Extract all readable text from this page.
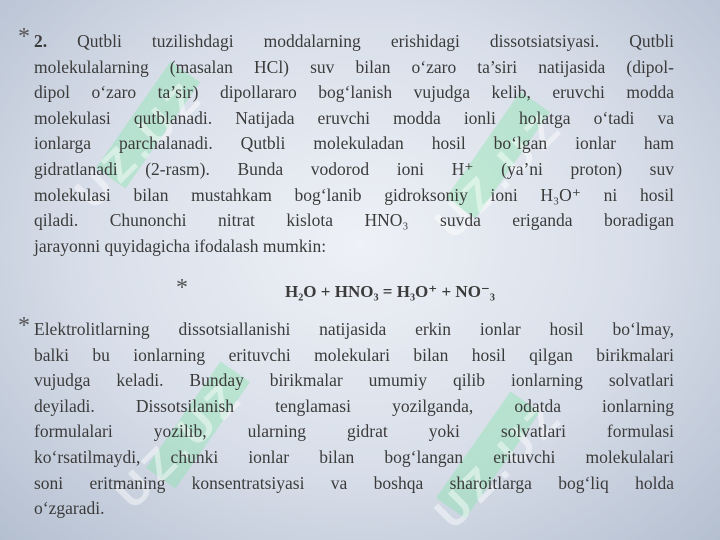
UZ.UZ	UZ.UZ
UZ.UZ	UZ.UZ
* 2. Qutbli tuzilishdagi moddalarning erishidagi dissotsiatsiyasi. Qutbli
molekulalarning (masalan HCl) suv bilan o‘zaro ta’siri natijasida (dipol-
dipol o‘zaro ta’sir) dipollararo bog‘lanish vujudga kelib, eruvchi modda
molekulasi qutblanadi. Natijada eruvchi modda ionli holatga o‘tadi va
ionlarga parchalanadi. Qutbli molekuladan hosil bo‘lgan ionlar ham
gidratlanadi (2-rasm). Bunda vodorod ioni H⁺ (ya’ni proton) suv
molekulasi bilan mustahkam bog‘lanib gidroksoniy ioni H₃O⁺ ni hosil
qiladi. Chunonchi nitrat kislota HNO₃ suvda eriganda boradigan
jarayonni quyidagicha ifodalash mumkin:
*	H₂O + HNO₃ = H₃O⁺ + NO⁻₃
* Elektrolitlarning dissotsiallanishi natijasida erkin ionlar hosil bo‘lmay,
balki bu ionlarning erituvchi molekulari bilan hosil qilgan birikmalari
vujudga keladi. Bunday birikmalar umumiy qilib ionlarning solvatlari
deyiladi. Dissotsilanish tenglamasi yozilganda, odatda ionlarning
formulalari yozilib, ularning gidrat yoki solvatlari formulasi
ko‘rsatilmaydi, chunki ionlar bilan bog‘langan erituvchi molekulalari
soni eritmaning konsentratsiyasi va boshqa sharoitlarga bog‘liq holda
o‘zgaradi.
